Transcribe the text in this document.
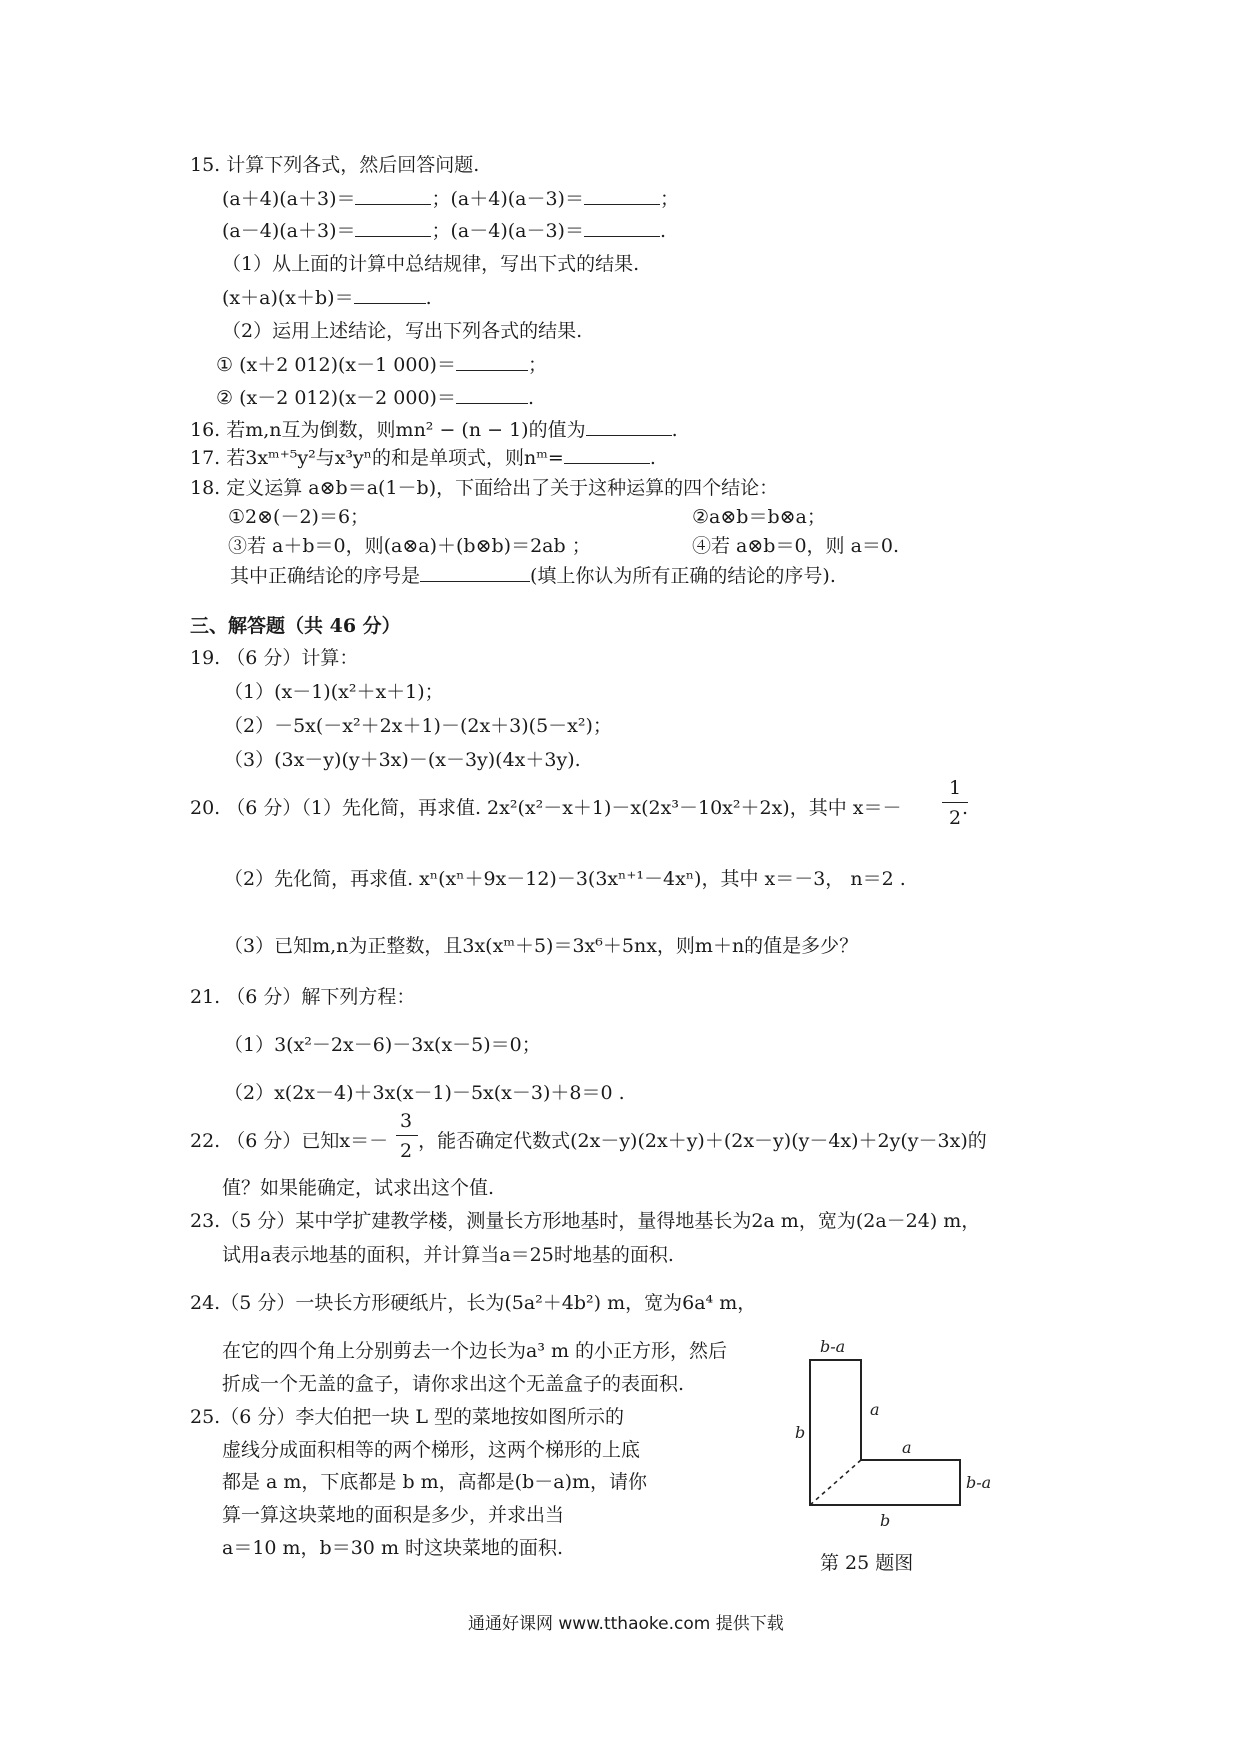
15. 计算下列各式，然后回答问题.
(a＋4)(a＋3)＝	；(a＋4)(a－3)＝	；
(a－4)(a＋3)＝	；(a－4)(a－3)＝	.
（1）从上面的计算中总结规律，写出下式的结果.
(x＋a)(x＋b)＝	.
（2）运用上述结论，写出下列各式的结果.
① (x＋2 012)(x－1 000)＝	；
② (x－2 012)(x－2 000)＝	.
16. 若m,n互为倒数，则mn² − (n − 1)的值为	.
17. 若3xᵐ⁺⁵y²与x³yⁿ的和是单项式，则nᵐ=	.
18. 定义运算 a⊗b＝a(1－b)，下面给出了关于这种运算的四个结论：
①2⊗(－2)＝6；	②a⊗b＝b⊗a；
③若 a＋b＝0，则(a⊗a)＋(b⊗b)＝2ab ；	④若 a⊗b＝0，则 a＝0.
其中正确结论的序号是	(填上你认为所有正确的结论的序号).
三、解答题（共 46 分）
19. （6 分）计算：
（1）(x－1)(x²＋x＋1)；
（2）－5x(－x²＋2x＋1)－(2x＋3)(5－x²)；
（3）(3x－y)(y＋3x)－(x－3y)(4x＋3y).
20. （6 分）（1）先化简，再求值. 2x²(x²－x＋1)－x(2x³－10x²＋2x)，其中 x＝－
1
2 .
（2）先化简，再求值. xⁿ(xⁿ＋9x－12)－3(3xⁿ⁺¹－4xⁿ)，其中 x＝－3， n＝2 .
（3）已知m,n为正整数，且3x(xᵐ＋5)＝3x⁶＋5nx，则m＋n的值是多少？
21. （6 分）解下列方程：
（1）3(x²－2x－6)－3x(x－5)＝0；
（2）x(2x－4)＋3x(x－1)－5x(x－3)＋8＝0 .
22. （6 分）已知x＝－ ，能否确定代数式(2x－y)(2x＋y)＋(2x－y)(y－4x)＋2y(y－3x)的
3
2
值？如果能确定，试求出这个值.
23.（5 分）某中学扩建教学楼，测量长方形地基时，量得地基长为2a m，宽为(2a－24) m，
试用a表示地基的面积，并计算当a＝25时地基的面积.
24.（5 分）一块长方形硬纸片，长为(5a²＋4b²) m，宽为6a⁴ m，
在它的四个角上分别剪去一个边长为a³ m 的小正方形，然后
折成一个无盖的盒子，请你求出这个无盖盒子的表面积.
25.（6 分）李大伯把一块 L 型的菜地按如图所示的
虚线分成面积相等的两个梯形，这两个梯形的上底
都是 a m，下底都是 b m，高都是(b－a)m，请你
算一算这块菜地的面积是多少，并求出当
a＝10 m，b＝30 m 时这块菜地的面积.
b-a
b
a
a
b-a
b
第 25 题图
通通好课网 www.tthaoke.com 提供下载
